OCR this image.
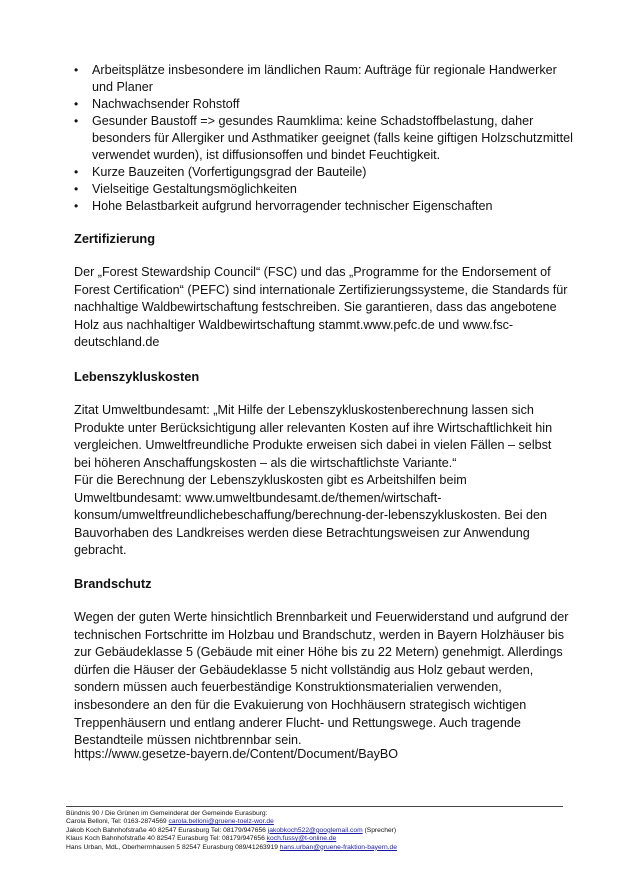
• Arbeitsplätze insbesondere im ländlichen Raum: Aufträge für regionale Handwerker und Planer
• Nachwachsender Rohstoff
• Gesunder Baustoff => gesundes Raumklima: keine Schadstoffbelastung, daher besonders für Allergiker und Asthmatiker geeignet (falls keine giftigen Holzschutzmittel verwendet wurden), ist diffusionsoffen und bindet Feuchtigkeit.
• Kurze Bauzeiten (Vorfertigungsgrad der Bauteile)
• Vielseitige Gestaltungsmöglichkeiten
• Hohe Belastbarkeit aufgrund hervorragender technischer Eigenschaften
Zertifizierung

Der „Forest Stewardship Council“ (FSC) und das „Programme for the Endorsement of Forest Certification“ (PEFC) sind internationale Zertifizierungssysteme, die Standards für nachhaltige Waldbewirtschaftung festschreiben. Sie garantieren, dass das angebotene Holz aus nachhaltiger Waldbewirtschaftung stammt.www.pefc.de und www.fsc-deutschland.de

Lebenszykluskosten

Zitat Umweltbundesamt: „Mit Hilfe der Lebenszykluskostenberechnung lassen sich Produkte unter Berücksichtigung aller relevanten Kosten auf ihre Wirtschaftlichkeit hin vergleichen. Umweltfreundliche Produkte erweisen sich dabei in vielen Fällen – selbst bei höheren Anschaffungskosten – als die wirtschaftlichste Variante.“

Für die Berechnung der Lebenszykluskosten gibt es Arbeitshilfen beim Umweltbundesamt: www.umweltbundesamt.de/themen/wirtschaft-konsum/umweltfreundlichebeschaffung/berechnung-der-lebenszykluskosten. Bei den Bauvorhaben des Landkreises werden diese Betrachtungsweisen zur Anwendung gebracht.

Brandschutz

Wegen der guten Werte hinsichtlich Brennbarkeit und Feuerwiderstand und aufgrund der technischen Fortschritte im Holzbau und Brandschutz, werden in Bayern Holzhäuser bis zur Gebäudeklasse 5 (Gebäude mit einer Höhe bis zu 22 Metern) genehmigt. Allerdings dürfen die Häuser der Gebäudeklasse 5 nicht vollständig aus Holz gebaut werden, sondern müssen auch feuerbeständige Konstruktionsmaterialien verwenden, insbesondere an den für die Evakuierung von Hochhäusern strategisch wichtigen Treppenhäusern und entlang anderer Flucht- und Rettungswege. Auch tragende Bestandteile müssen nichtbrennbar sein.

https://www.gesetze-bayern.de/Content/Document/BayBO

Bündnis 90 / Die Grünen im Gemeinderat der Gemeinde Eurasburg:
Carola Belloni, Tel: 0163-2874569 carola.belloni@gruene-toelz-wor.de
Jakob Koch Bahnhofstraße 40 82547 Eurasburg Tel: 08179/947656 jakobkoch522@googlemail.com (Sprecher)
Klaus Koch Bahnhofstraße 40 82547 Eurasburg Tel: 08179/947656 koch.fussy@t-online.de
Hans Urban, MdL, Oberherrnhausen 5 82547 Eurasburg 089/41263919 hans.urban@gruene-fraktion-bayern.de
